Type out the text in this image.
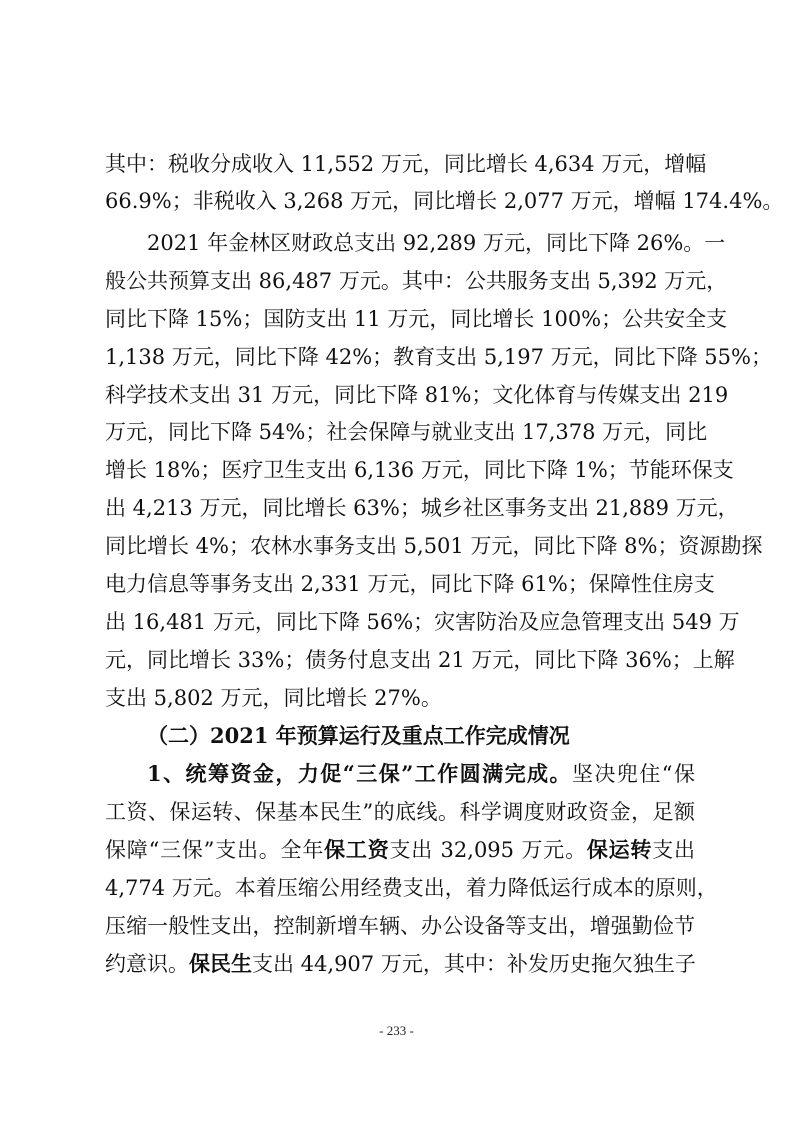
其中：税收分成收入 11,552 万元，同比增长 4,634 万元，增幅
66.9%；非税收入 3,268 万元，同比增长 2,077 万元，增幅 174.4%。
2021 年金林区财政总支出 92,289 万元，同比下降 26%。一
般公共预算支出 86,487 万元。其中：公共服务支出 5,392 万元，
同比下降 15%；国防支出 11 万元，同比增长 100%；公共安全支
1,138 万元，同比下降 42%；教育支出 5,197 万元，同比下降 55%；
科学技术支出 31 万元，同比下降 81%；文化体育与传媒支出 219
万元，同比下降 54%；社会保障与就业支出 17,378 万元，同比
增长 18%；医疗卫生支出 6,136 万元，同比下降 1%；节能环保支
出 4,213 万元，同比增长 63%；城乡社区事务支出 21,889 万元，
同比增长 4%；农林水事务支出 5,501 万元，同比下降 8%；资源勘探
电力信息等事务支出 2,331 万元，同比下降 61%；保障性住房支
出 16,481 万元，同比下降 56%；灾害防治及应急管理支出 549 万
元，同比增长 33%；债务付息支出 21 万元，同比下降 36%；上解
支出 5,802 万元，同比增长 27%。
（二）2021 年预算运行及重点工作完成情况
1、统筹资金，力促“三保”工作圆满完成。坚决兜住“保
工资、保运转、保基本民生”的底线。科学调度财政资金，足额
保障“三保”支出。全年保工资支出 32,095 万元。保运转支出
4,774 万元。本着压缩公用经费支出，着力降低运行成本的原则，
压缩一般性支出，控制新增车辆、办公设备等支出，增强勤俭节
约意识。保民生支出 44,907 万元，其中：补发历史拖欠独生子
- 233 -
